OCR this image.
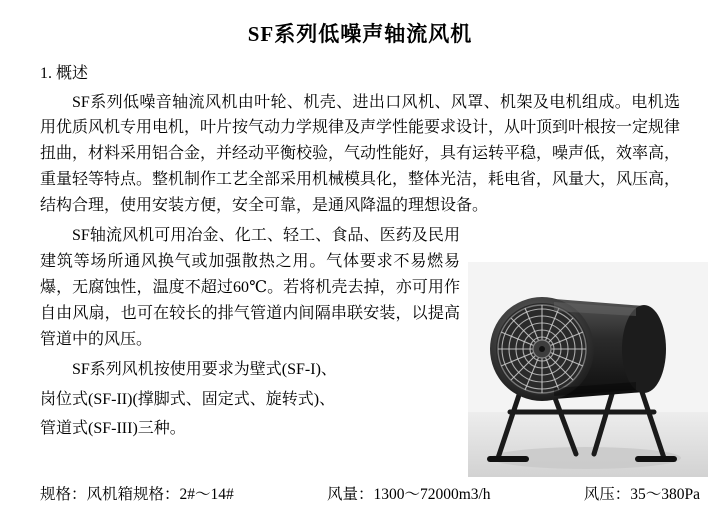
SF系列低噪声轴流风机
1. 概述
SF系列低噪音轴流风机由叶轮、机壳、进出口风机、风罩、机架及电机组成。电机选用优质风机专用电机，叶片按气动力学规律及声学性能要求设计，从叶顶到叶根按一定规律扭曲，材料采用铝合金，并经动平衡校验，气动性能好，具有运转平稳，噪声低，效率高，重量轻等特点。整机制作工艺全部采用机械模具化，整体光洁，耗电省，风量大，风压高，结构合理，使用安装方便，安全可靠，是通风降温的理想设备。
SF轴流风机可用冶金、化工、轻工、食品、医药及民用建筑等场所通风换气或加强散热之用。气体要求不易燃易爆，无腐蚀性，温度不超过60℃。若将机壳去掉，亦可用作自由风扇，也可在较长的排气管道内间隔串联安装，以提高管道中的风压。
SF系列风机按使用要求为壁式(SF-I)、
岗位式(SF-II)(撑脚式、固定式、旋转式)、
管道式(SF-III)三种。
规格：风机箱规格：2#～14#	风量：1300～72000m3/h	风压：35～380Pa
